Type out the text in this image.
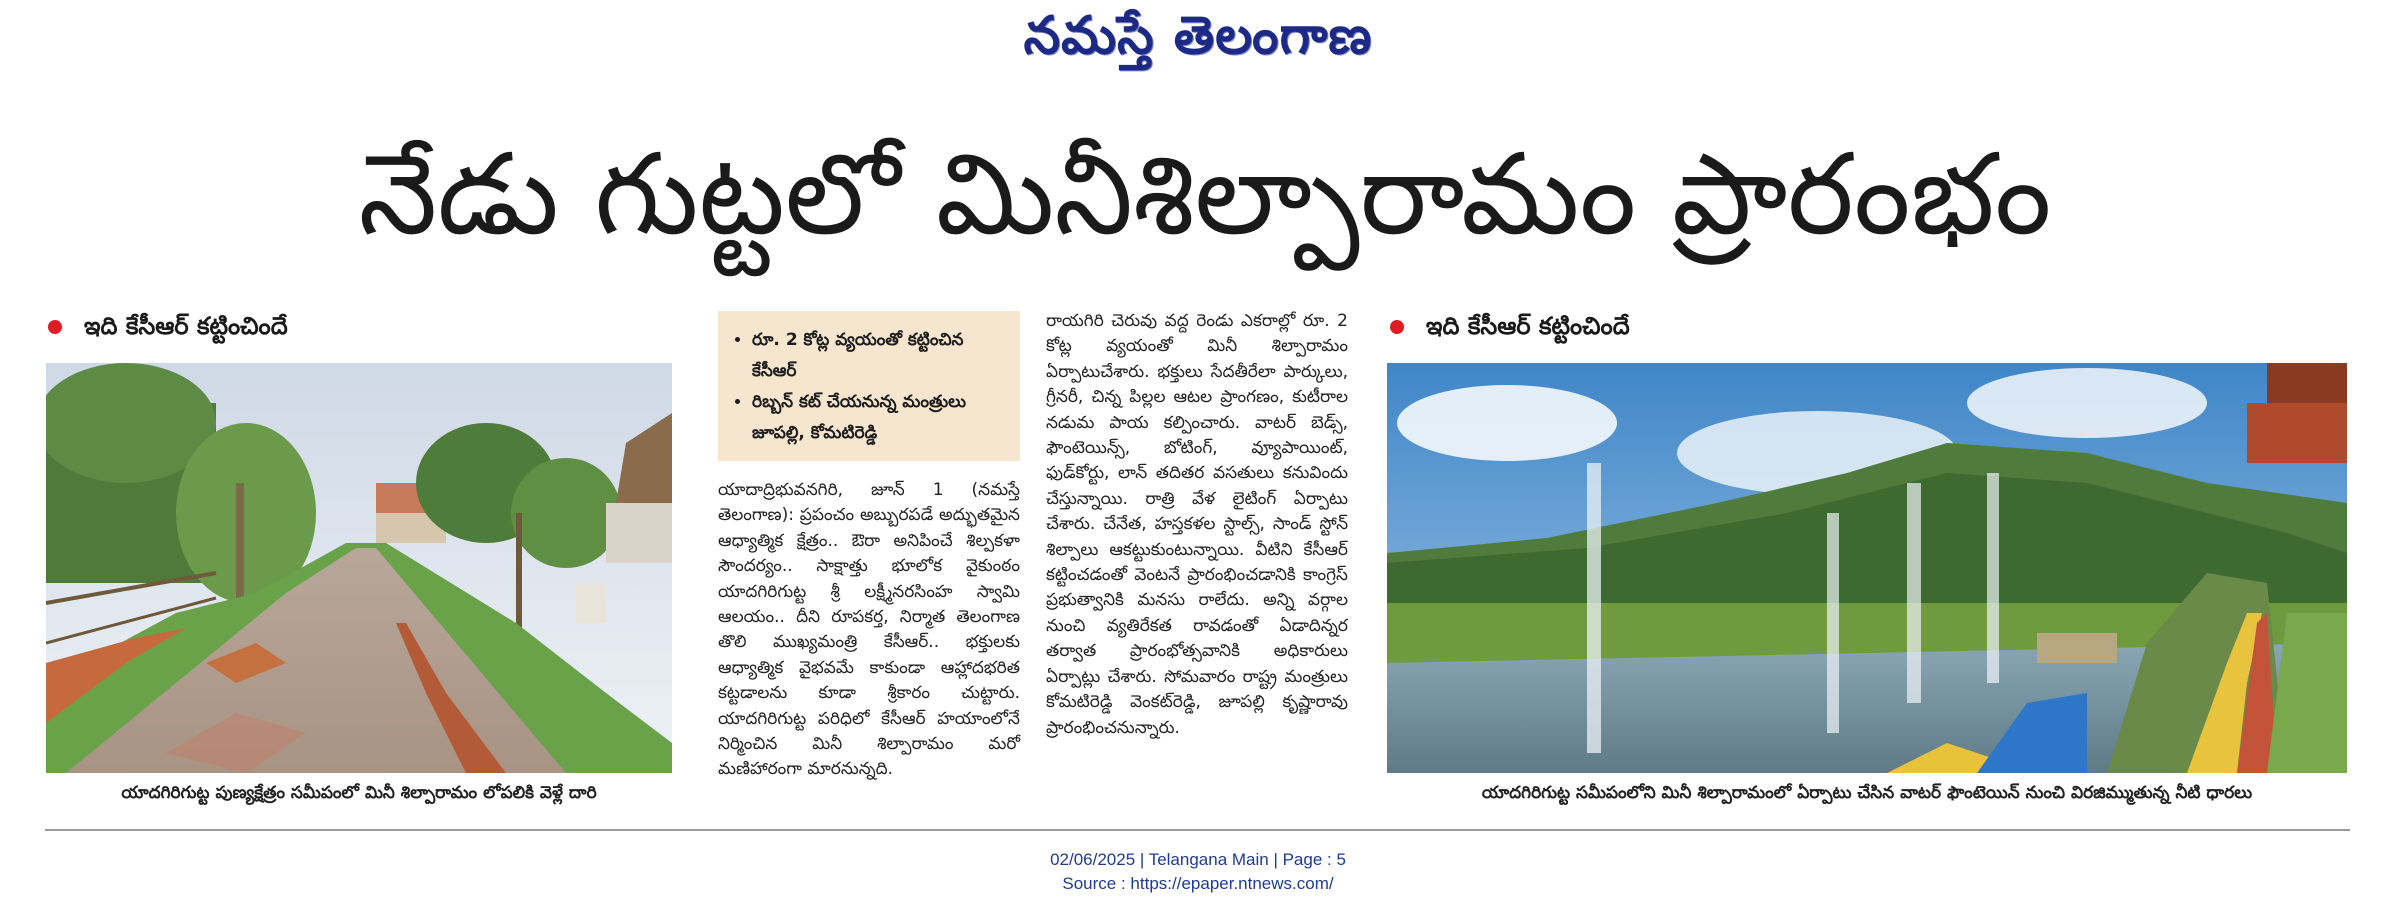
నమస్తే తెలంగాణ
నేడు గుట్టలో మినీశిల్పారామం ప్రారంభం
ఇది కేసీఆర్ కట్టించిందే
యాదగిరిగుట్ట పుణ్యక్షేత్రం సమీపంలో మినీ శిల్పారామం లోపలికి వెళ్లే దారి
• రూ. 2 కోట్ల వ్యయంతో కట్టించిన కేసీఆర్
• రిబ్బన్ కట్ చేయనున్న మంత్రులు జూపల్లి, కోమటిరెడ్డి

యాదాద్రిభువనగిరి, జూన్ 1 (నమస్తే తెలంగాణ): ప్రపంచం అబ్బురపడే అద్భుతమైన ఆధ్యాత్మిక క్షేత్రం.. ఔరా అనిపించే శిల్పకళా సౌందర్యం.. సాక్షాత్తు భూలోక వైకుంఠం యాదగిరిగుట్ట శ్రీ లక్ష్మీనరసింహ స్వామి ఆలయం.. దీని రూపకర్త, నిర్మాత తెలంగాణ తొలి ముఖ్యమంత్రి కేసీఆర్.. భక్తులకు ఆధ్యాత్మిక వైభవమే కాకుండా ఆహ్లాదభరిత కట్టడాలను కూడా శ్రీకారం చుట్టారు. యాదగిరిగుట్ట పరిధిలో కేసీఆర్ హయాంలోనే నిర్మించిన మినీ శిల్పారామం మరో మణిహారంగా మారనున్నది.

రాయగిరి చెరువు వద్ద రెండు ఎకరాల్లో రూ. 2 కోట్ల వ్యయంతో మినీ శిల్పారామం ఏర్పాటుచేశారు. భక్తులు సేదతీరేలా పార్కులు, గ్రీనరీ, చిన్న పిల్లల ఆటల ప్రాంగణం, కుటీరాల నడుమ పాయ కల్పించారు. వాటర్ బెడ్స్, ఫౌంటెయిన్స్, బోటింగ్, వ్యూపాయింట్, ఫుడ్‌కోర్టు, లాన్ తదితర వసతులు కనువిందు చేస్తున్నాయి. రాత్రి వేళ లైటింగ్ ఏర్పాటు చేశారు. చేనేత, హస్తకళల స్టాల్స్, సాండ్ స్టోన్ శిల్పాలు ఆకట్టుకుంటున్నాయి. వీటిని కేసీఆర్ కట్టించడంతో వెంటనే ప్రారంభించడానికి కాంగ్రెస్ ప్రభుత్వానికి మనసు రాలేదు. అన్ని వర్గాల నుంచి వ్యతిరేకత రావడంతో ఏడాదిన్నర తర్వాత ప్రారంభోత్సవానికి అధికారులు ఏర్పాట్లు చేశారు. సోమవారం రాష్ట్ర మంత్రులు కోమటిరెడ్డి వెంకట్‌రెడ్డి, జూపల్లి కృష్ణారావు ప్రారంభించనున్నారు.

ఇది కేసీఆర్ కట్టించిందే
యాదగిరిగుట్ట సమీపంలోని మినీ శిల్పారామంలో ఏర్పాటు చేసిన వాటర్ ఫౌంటెయిన్ నుంచి విరజిమ్ముతున్న నీటి ధారలు
02/06/2025 | Telangana Main | Page : 5
Source : https://epaper.ntnews.com/
